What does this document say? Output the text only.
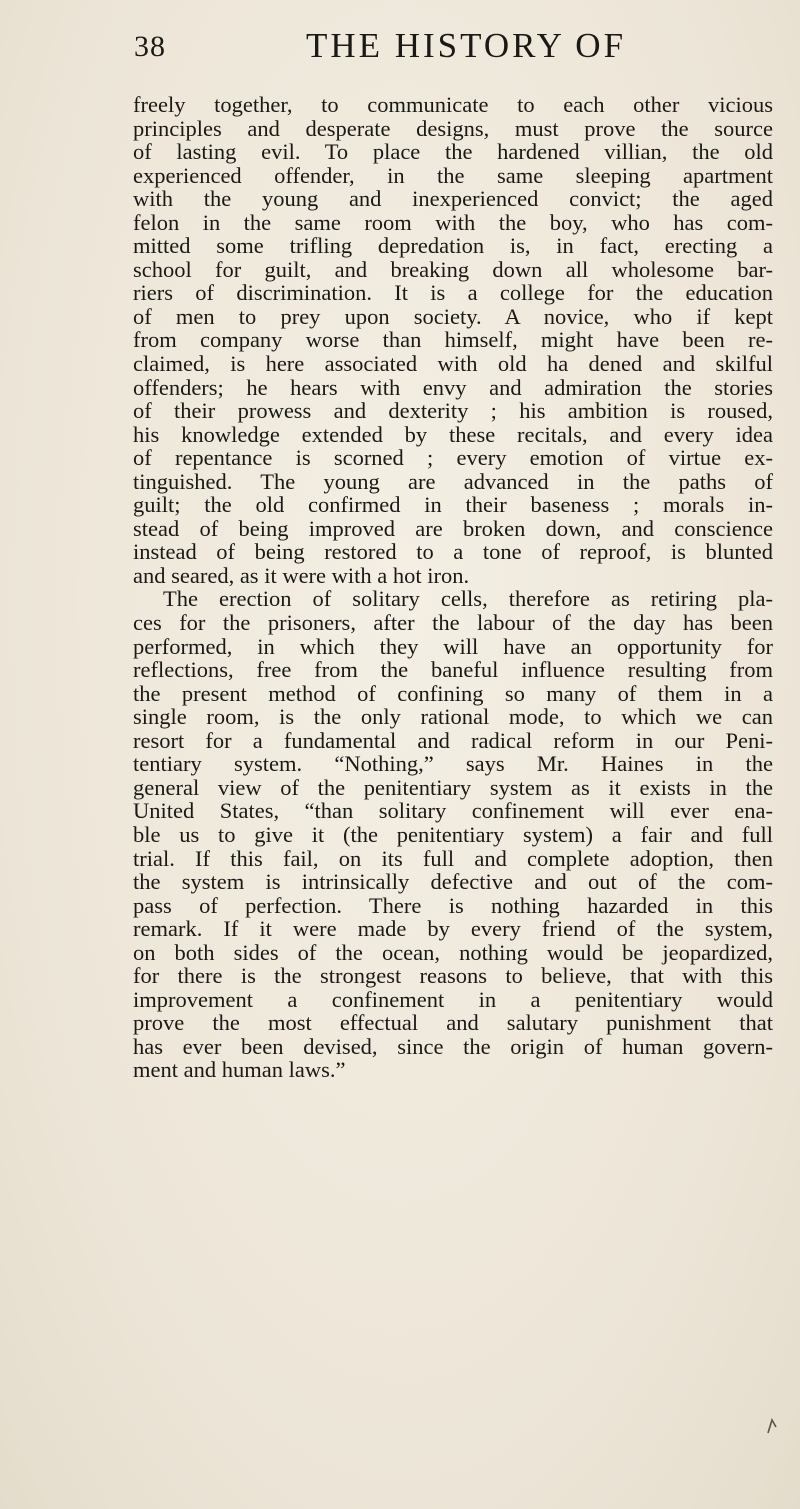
38	THE HISTORY OF
freely together, to communicate to each other vicious
principles and desperate designs, must prove the source
of lasting evil. To place the hardened villian, the old
experienced offender, in the same sleeping apartment
with the young and inexperienced convict; the aged
felon in the same room with the boy, who has com-
mitted some trifling depredation is, in fact, erecting a
school for guilt, and breaking down all wholesome bar-
riers of discrimination. It is a college for the education
of men to prey upon society. A novice, who if kept
from company worse than himself, might have been re-
claimed, is here associated with old ha dened and skilful
offenders; he hears with envy and admiration the stories
of their prowess and dexterity ; his ambition is roused,
his knowledge extended by these recitals, and every idea
of repentance is scorned ; every emotion of virtue ex-
tinguished. The young are advanced in the paths of
guilt; the old confirmed in their baseness ; morals in-
stead of being improved are broken down, and conscience
instead of being restored to a tone of reproof, is blunted
and seared, as it were with a hot iron.
The erection of solitary cells, therefore as retiring pla-
ces for the prisoners, after the labour of the day has been
performed, in which they will have an opportunity for
reflections, free from the baneful influence resulting from
the present method of confining so many of them in a
single room, is the only rational mode, to which we can
resort for a fundamental and radical reform in our Peni-
tentiary system. “Nothing,” says Mr. Haines in the
general view of the penitentiary system as it exists in the
United States, “than solitary confinement will ever ena-
ble us to give it (the penitentiary system) a fair and full
trial. If this fail, on its full and complete adoption, then
the system is intrinsically defective and out of the com-
pass of perfection. There is nothing hazarded in this
remark. If it were made by every friend of the system,
on both sides of the ocean, nothing would be jeopardized,
for there is the strongest reasons to believe, that with this
improvement a confinement in a penitentiary would
prove the most effectual and salutary punishment that
has ever been devised, since the origin of human govern-
ment and human laws.”
